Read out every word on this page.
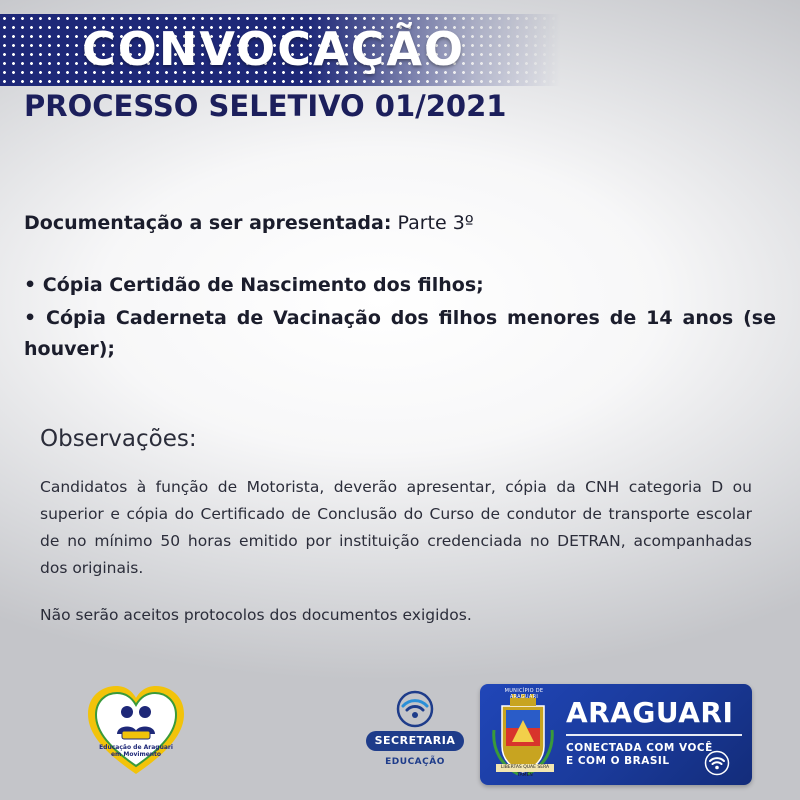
CONVOCAÇÃO
PROCESSO SELETIVO 01/2021
Documentação a ser apresentada: Parte 3º

• Cópia Certidão de Nascimento dos filhos;

• Cópia Caderneta de Vacinação dos filhos menores de 14 anos (se houver);

Observações:

Candidatos à função de Motorista, deverão apresentar, cópia da CNH categoria D ou superior e cópia do Certificado de Conclusão do Curso de condutor de transporte escolar de no mínimo 50 horas emitido por instituição credenciada no DETRAN, acompanhadas dos originais.

Não serão aceitos protocolos dos documentos exigidos.

Educação de Araguari em Movimento
SECRETARIA
EDUCAÇÃO
MUNICÍPIO DE ARAGUARI
LIBERTAS QUAE SERA TAMEN
ARAGUARI
CONECTADA COM VOCÊ
E COM O BRASIL
